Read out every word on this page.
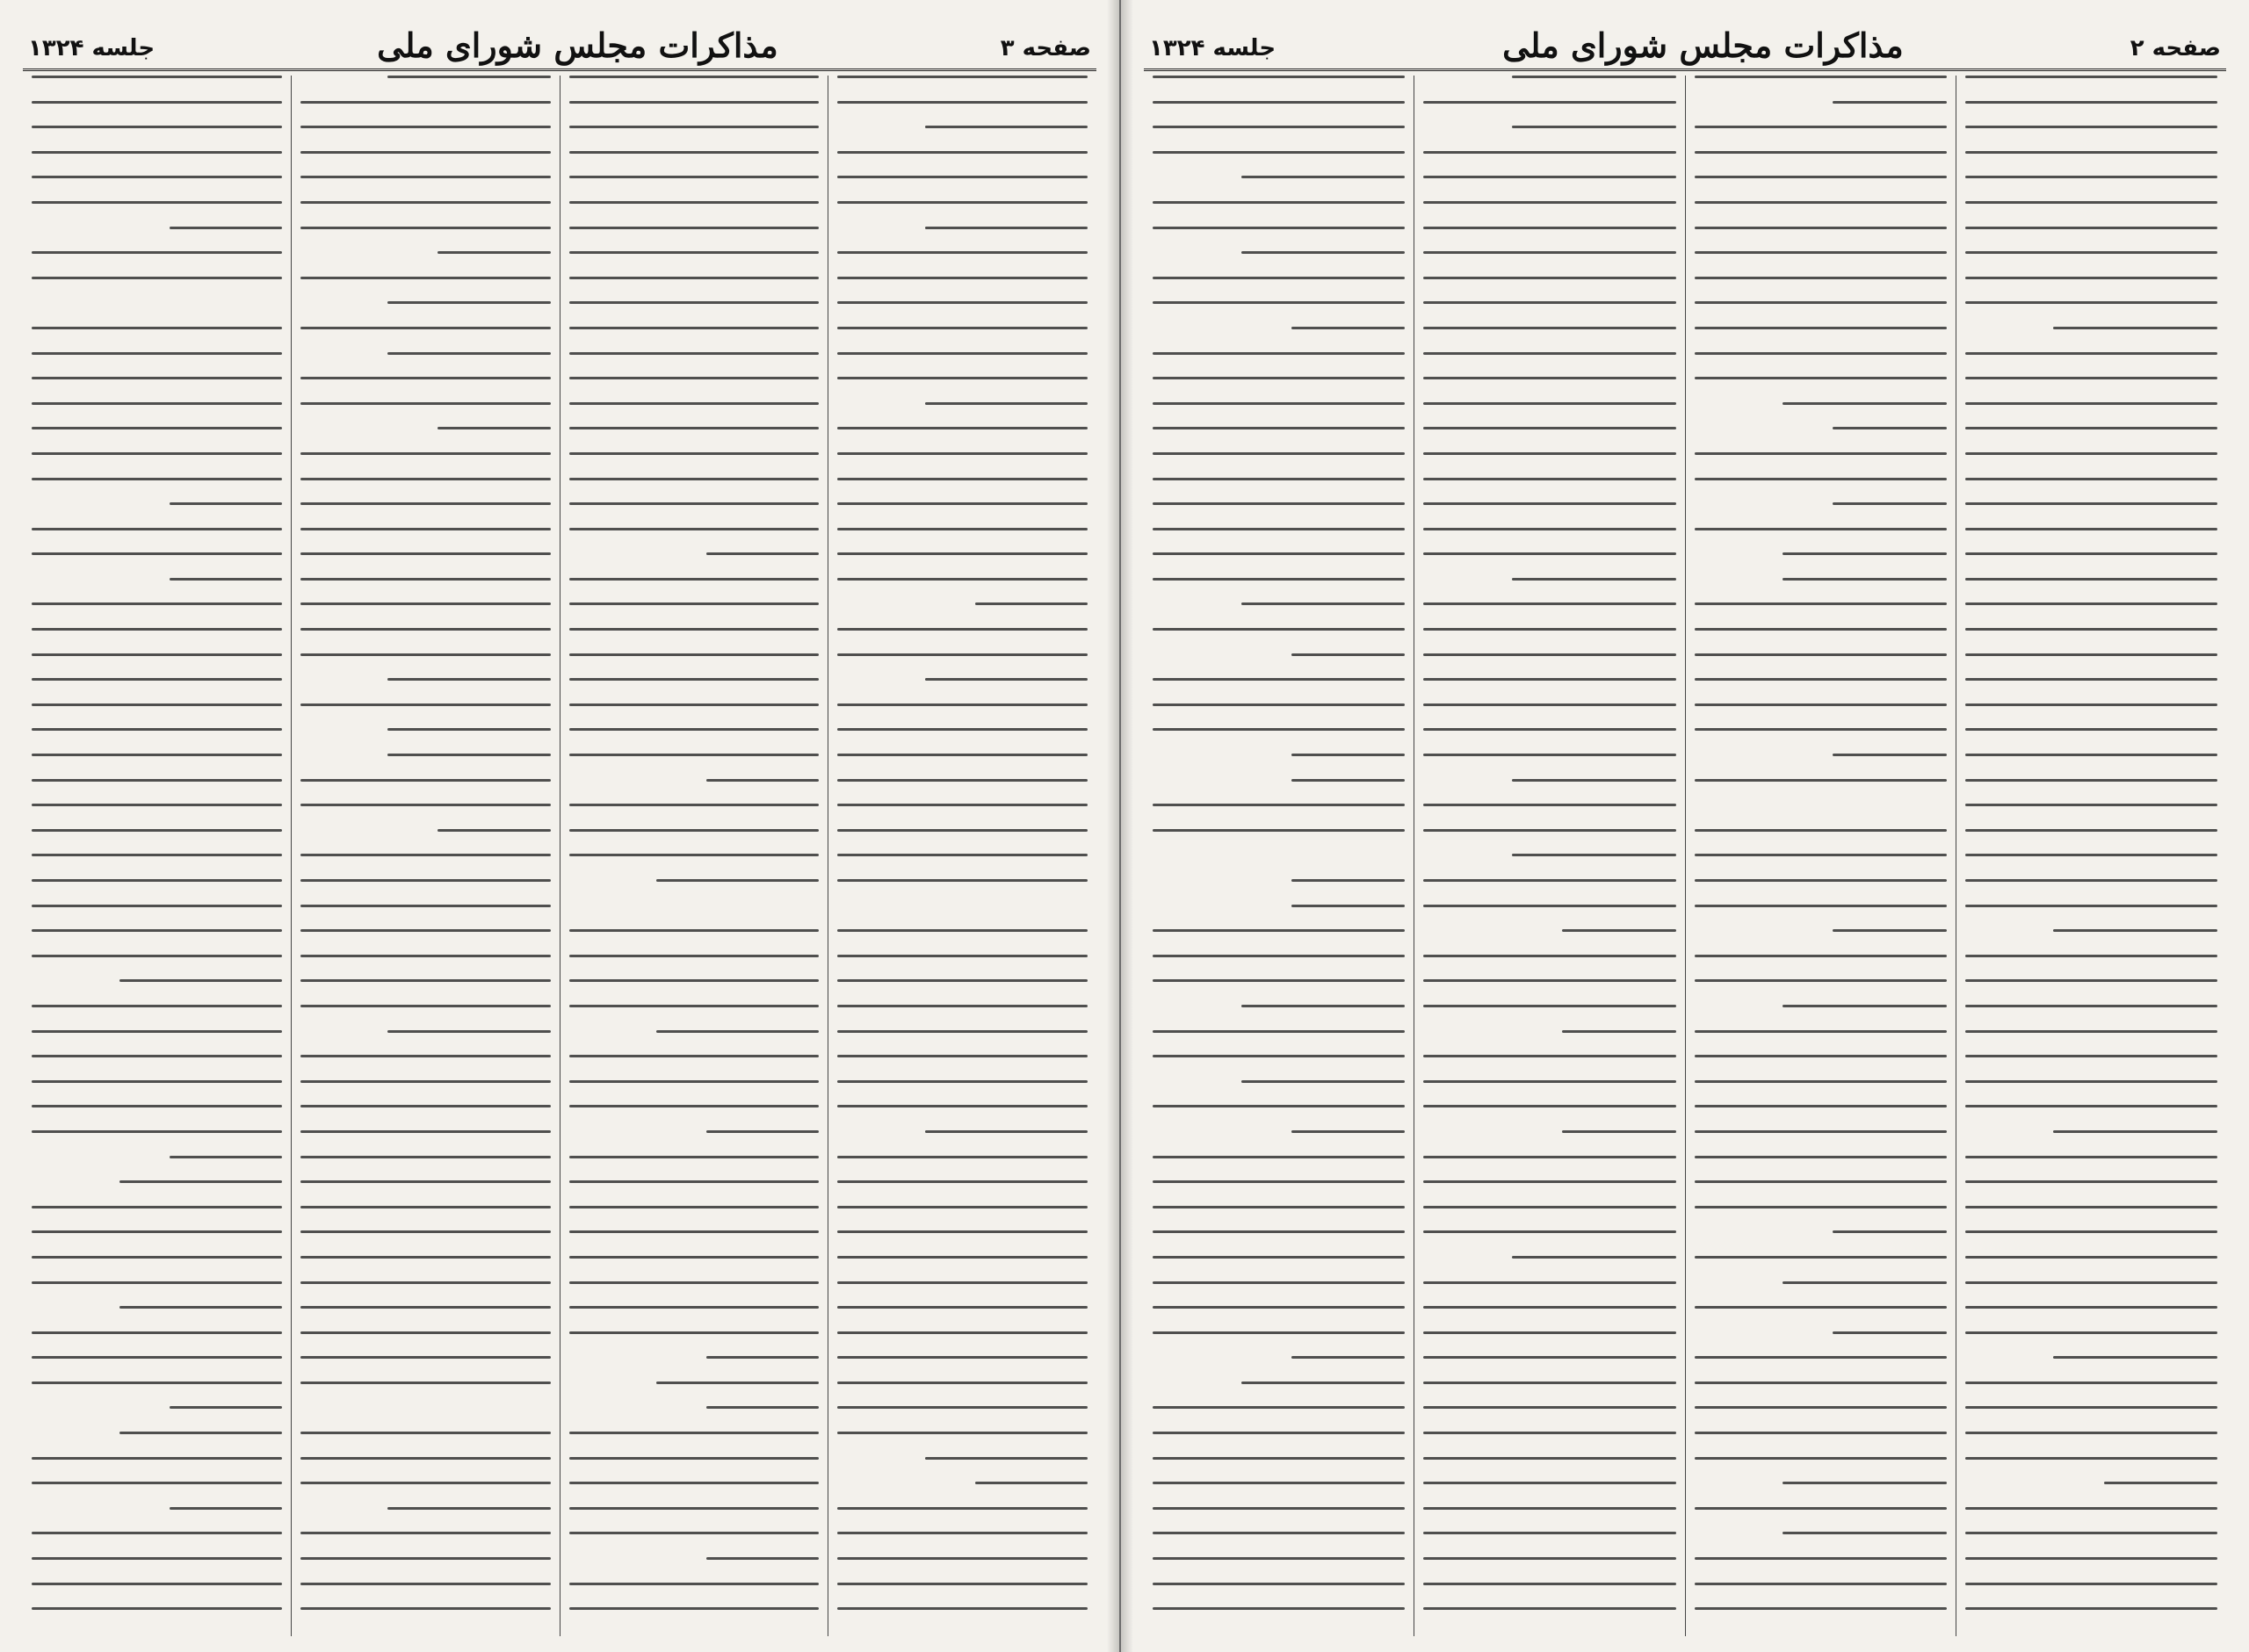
صفحه ۳
مذاکرات مجلس شورای ملی
جلسه ۱۳۲۴	صفحه ۲
مذاکرات مجلس شورای ملی
جلسه ۱۳۲۴
